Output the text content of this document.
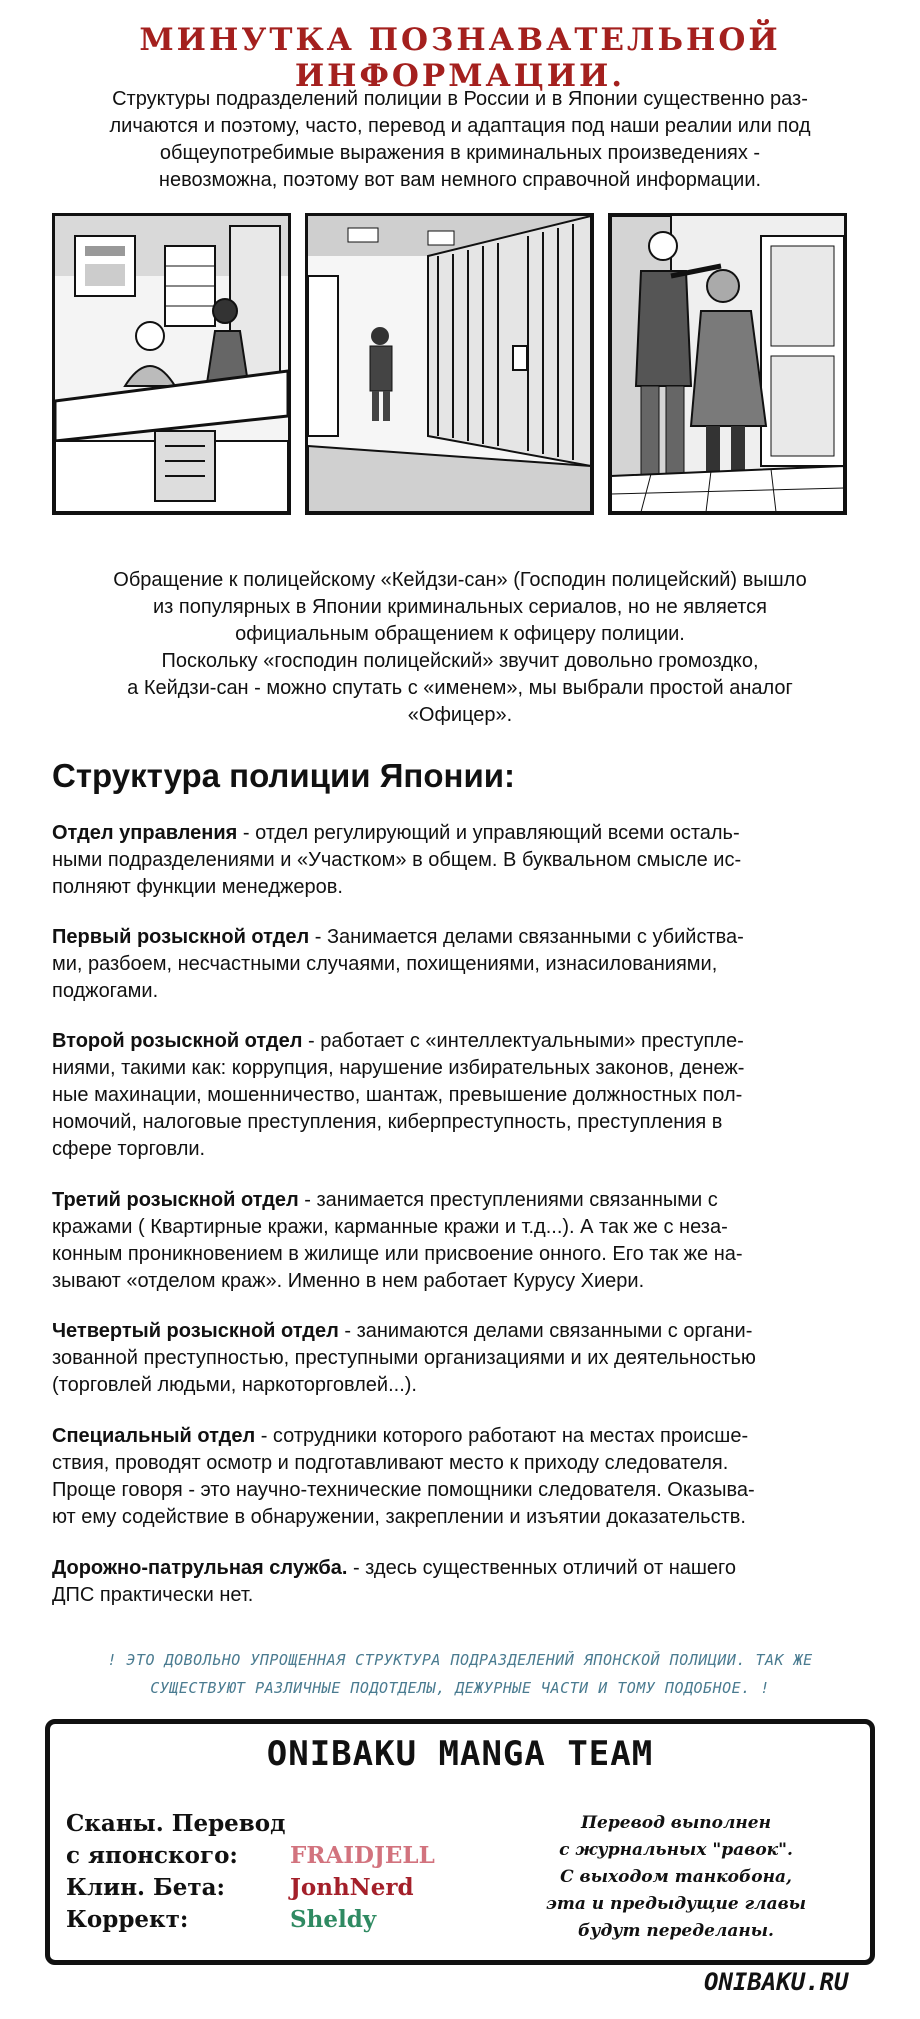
МИНУТКА ПОЗНАВАТЕЛЬНОЙ ИНФОРМАЦИИ.
Структуры подразделений полиции в России и в Японии существенно раз-
личаются и поэтому, часто, перевод и адаптация под наши реалии или под
общеупотребимые выражения в криминальных произведениях -
невозможна, поэтому вот вам немного справочной информации.
Обращение к полицейскому «Кейдзи-сан» (Господин полицейский) вышло
из популярных в Японии криминальных сериалов, но не является
официальным обращением к офицеру полиции.
Поскольку «господин полицейский» звучит довольно громоздко,
а Кейдзи-сан - можно спутать с «именем», мы выбрали простой аналог
«Офицер».
Структура полиции Японии:
Отдел управления - отдел регулирующий и управляющий всеми осталь-
ными подразделениями и «Участком» в общем. В буквальном смысле ис-
полняют функции менеджеров.
Первый розыскной отдел - Занимается делами связанными с убийства-
ми, разбоем, несчастными случаями, похищениями, изнасилованиями,
поджогами.
Второй розыскной отдел - работает с «интеллектуальными» преступле-
ниями, такими как: коррупция, нарушение избирательных законов, денеж-
ные махинации, мошенничество, шантаж, превышение должностных пол-
номочий, налоговые преступления, киберпреступность, преступления в
сфере торговли.
Третий розыскной отдел - занимается преступлениями связанными с
кражами ( Квартирные кражи, карманные кражи и т.д...). А так же с неза-
конным проникновением в жилище или присвоение онного. Его так же на-
зывают «отделом краж». Именно в нем работает Курусу Хиери.
Четвертый розыскной отдел - занимаются делами связанными с органи-
зованной преступностью, преступными организациями и их деятельностью
(торговлей людьми, наркоторговлей...).
Специальный отдел - сотрудники которого работают на местах происше-
ствия, проводят осмотр и подготавливают место к приходу следователя.
Проще говоря - это научно-технические помощники следователя. Оказыва-
ют ему содействие в обнаружении, закреплении и изъятии доказательств.
Дорожно-патрульная служба. - здесь существенных отличий от нашего
ДПС практически нет.
! ЭТО ДОВОЛЬНО УПРОЩЕННАЯ СТРУКТУРА ПОДРАЗДЕЛЕНИЙ ЯПОНСКОЙ ПОЛИЦИИ. ТАК ЖЕ
СУЩЕСТВУЮТ РАЗЛИЧНЫЕ ПОДОТДЕЛЫ, ДЕЖУРНЫЕ ЧАСТИ И ТОМУ ПОДОБНОЕ. !
ONIBAKU MANGA TEAM
Сканы. Перевод
с японского: FRAIDJELL
Клин. Бета:	JonhNerd
Коррект:	Sheldy
Перевод выполнен
с журнальных "равок".
С выходом танкобона,
эта и предыдущие главы
будут переделаны.
ONIBAKU.RU
